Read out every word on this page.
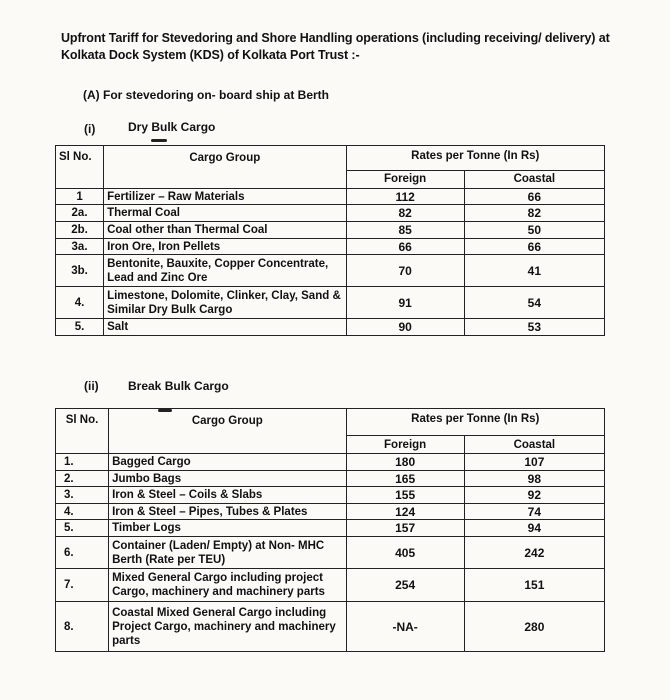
Upfront Tariff for Stevedoring and Shore Handling operations (including receiving/ delivery) at Kolkata Dock System (KDS) of Kolkata Port Trust :-
(A) For stevedoring on- board ship at Berth
(i)	Dry Bulk Cargo
Sl No.	Cargo Group	Rates per Tonne (In Rs)	
		Foreign	Coastal
1	Fertilizer – Raw Materials	112	66
2a.	Thermal Coal	82	82
2b.	Coal other than Thermal Coal	85	50
3a.	Iron Ore, Iron Pellets	66	66
3b.	Bentonite, Bauxite, Copper Concentrate, Lead and Zinc Ore	70	41
4.	Limestone, Dolomite, Clinker, Clay, Sand & Similar Dry Bulk Cargo	91	54
5.	Salt	90	53
(ii) Break Bulk Cargo
Sl No.	Cargo Group	Rates per Tonne (In Rs)	
		Foreign	Coastal
1.	Bagged Cargo	180	107
2.	Jumbo Bags	165	98
3.	Iron & Steel – Coils & Slabs	155	92
4.	Iron & Steel – Pipes, Tubes & Plates	124	74
5.	Timber Logs	157	94
6.	Container (Laden/ Empty) at Non- MHC Berth (Rate per TEU)	405	242
7.	Mixed General Cargo including project Cargo, machinery and machinery parts	254	151
8.	Coastal Mixed General Cargo including Project Cargo, machinery and machinery parts	-NA-	280
